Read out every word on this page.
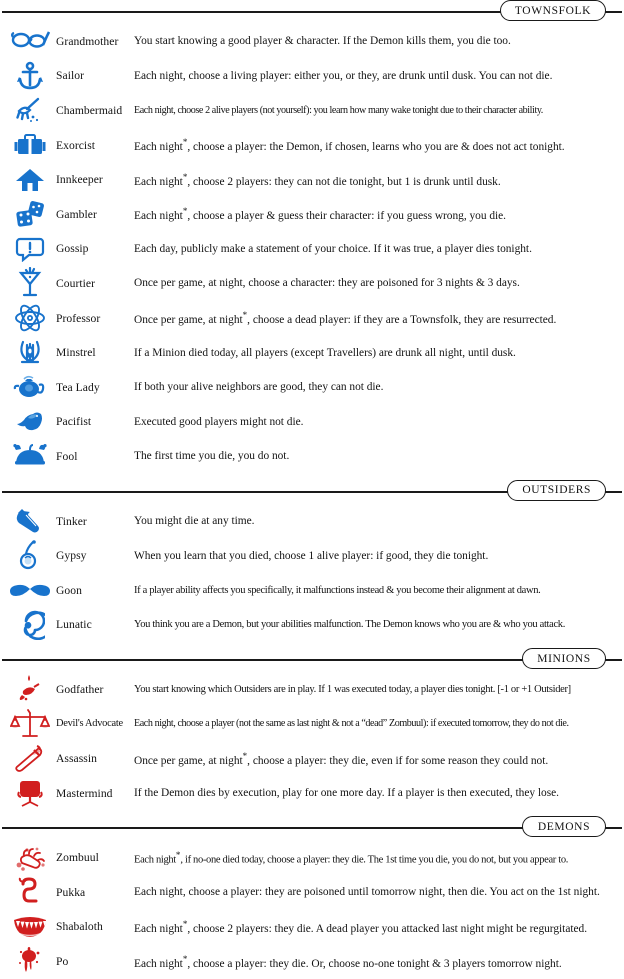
TOWNSFOLK
Grandmother	You start knowing a good player & character. If the Demon kills them, you die too.
Sailor	Each night, choose a living player: either you, or they, are drunk until dusk. You can not die.
Chambermaid	Each night, choose 2 alive players (not yourself): you learn how many wake tonight due to their character ability.
Exorcist	Each night*, choose a player: the Demon, if chosen, learns who you are & does not act tonight.
Innkeeper	Each night*, choose 2 players: they can not die tonight, but 1 is drunk until dusk.
Gambler	Each night*, choose a player & guess their character: if you guess wrong, you die.
Gossip	Each day, publicly make a statement of your choice. If it was true, a player dies tonight.
Courtier	Once per game, at night, choose a character: they are poisoned for 3 nights & 3 days.
Professor	Once per game, at night*, choose a dead player: if they are a Townsfolk, they are resurrected.
Minstrel	If a Minion died today, all players (except Travellers) are drunk all night, until dusk.
Tea Lady	If both your alive neighbors are good, they can not die.
Pacifist	Executed good players might not die.
Fool	The first time you die, you do not.
OUTSIDERS
Tinker	You might die at any time.
Gypsy	When you learn that you died, choose 1 alive player: if good, they die tonight.
Goon	If a player ability affects you specifically, it malfunctions instead & you become their alignment at dawn.
Lunatic	You think you are a Demon, but your abilities malfunction. The Demon knows who you are & who you attack.
MINIONS
Godfather	You start knowing which Outsiders are in play. If 1 was executed today, a player dies tonight. [-1 or +1 Outsider]
Devil's Advocate	Each night, choose a player (not the same as last night & not a “dead” Zombuul): if executed tomorrow, they do not die.
Assassin	Once per game, at night*, choose a player: they die, even if for some reason they could not.
Mastermind	If the Demon dies by execution, play for one more day. If a player is then executed, they lose.
DEMONS
Zombuul	Each night*, if no-one died today, choose a player: they die. The 1st time you die, you do not, but you appear to.
Pukka	Each night, choose a player: they are poisoned until tomorrow night, then die. You act on the 1st night.
Shabaloth	Each night*, choose 2 players: they die. A dead player you attacked last night might be regurgitated.
Po	Each night*, choose a player: they die. Or, choose no-one tonight & 3 players tomorrow night.
